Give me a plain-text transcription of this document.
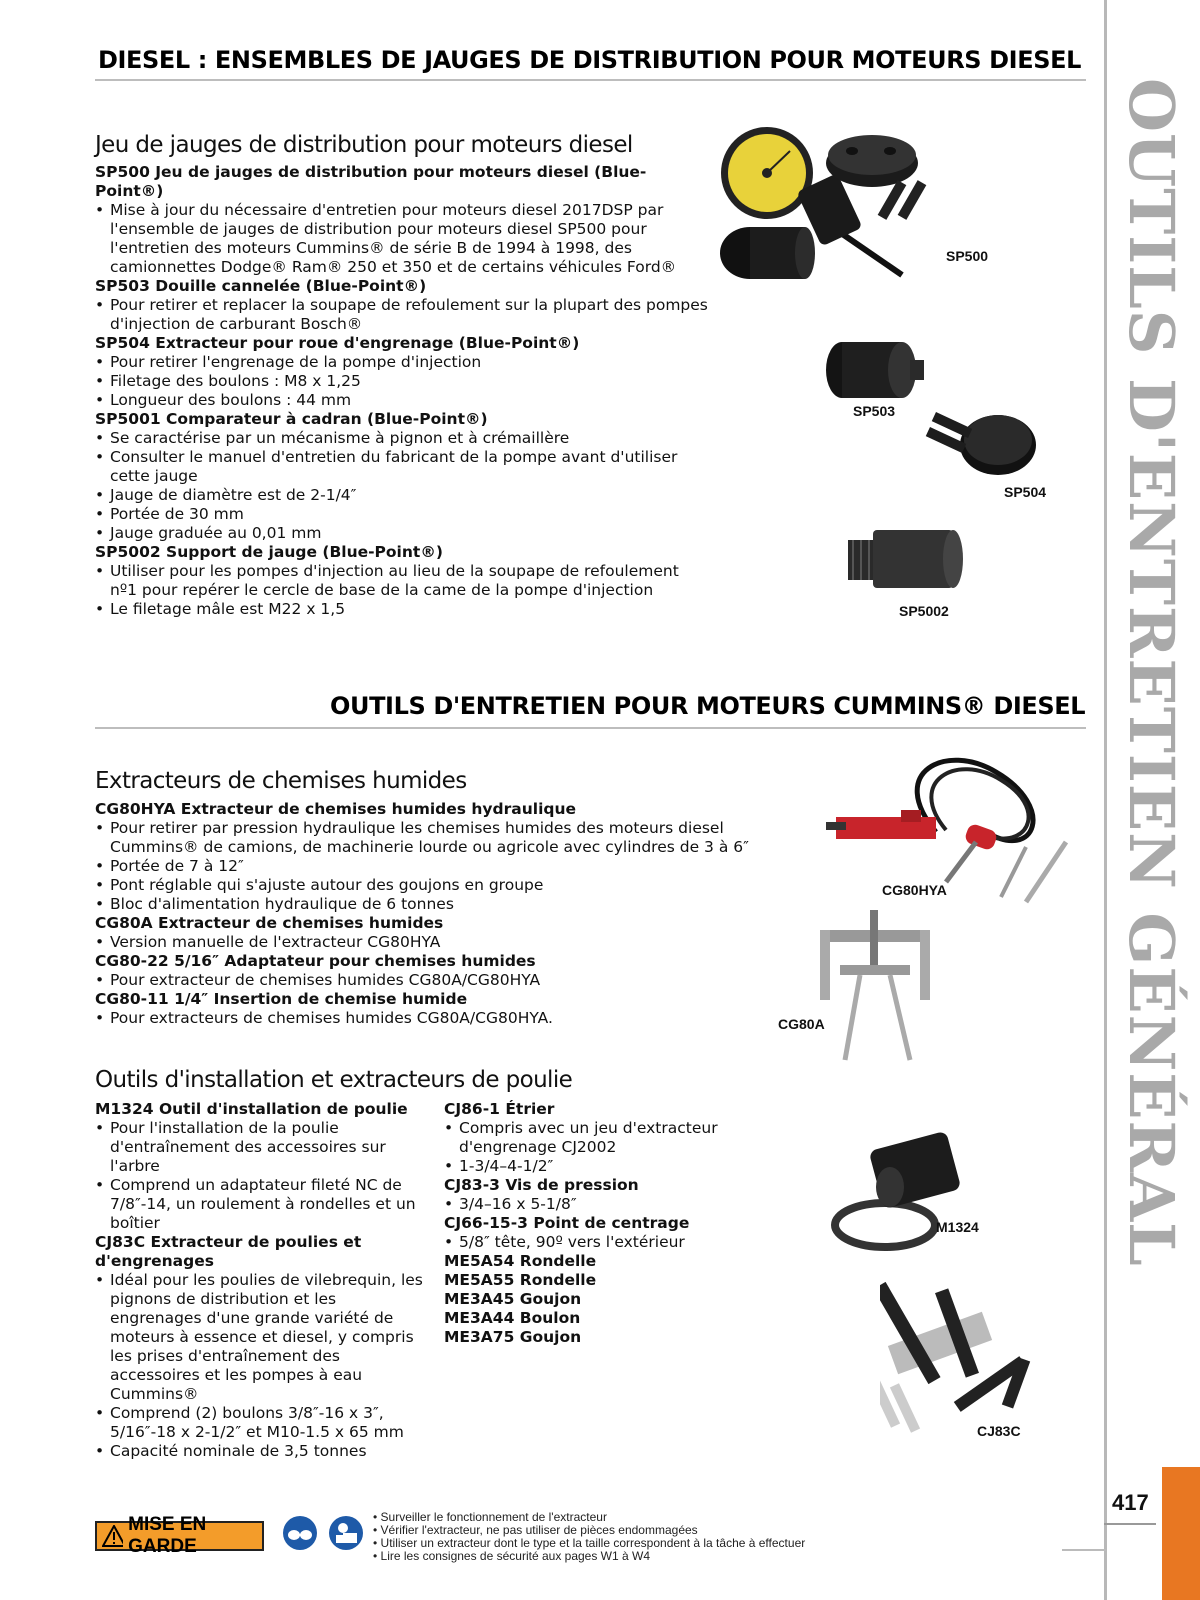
OUTILS D'ENTRETIEN GÉNÉRAL
417
DIESEL : ENSEMBLES DE JAUGES DE DISTRIBUTION POUR MOTEURS DIESEL
Jeu de jauges de distribution pour moteurs diesel
SP500 Jeu de jauges de distribution pour moteurs diesel (Blue-Point®)
• Mise à jour du nécessaire d'entretien pour moteurs diesel 2017DSP par l'ensemble de jauges de distribution pour moteurs diesel SP500 pour l'entretien des moteurs Cummins® de série B de 1994 à 1998, des camionnettes Dodge® Ram® 250 et 350 et de certains véhicules Ford®
SP503 Douille cannelée (Blue-Point®)
• Pour retirer et replacer la soupape de refoulement sur la plupart des pompes d'injection de carburant Bosch®
SP504 Extracteur pour roue d'engrenage (Blue-Point®)
• Pour retirer l'engrenage de la pompe d'injection
• Filetage des boulons : M8 x 1,25
• Longueur des boulons : 44 mm
SP5001 Comparateur à cadran (Blue-Point®)
• Se caractérise par un mécanisme à pignon et à crémaillère
• Consulter le manuel d'entretien du fabricant de la pompe avant d'utiliser cette jauge
• Jauge de diamètre est de 2-1/4″
• Portée de 30 mm
• Jauge graduée au 0,01 mm
SP5002 Support de jauge (Blue-Point®)
• Utiliser pour les pompes d'injection au lieu de la soupape de refoulement nº1 pour repérer le cercle de base de la came de la pompe d'injection
• Le filetage mâle est M22 x 1,5
OUTILS D'ENTRETIEN POUR MOTEURS CUMMINS® DIESEL
Extracteurs de chemises humides
CG80HYA Extracteur de chemises humides hydraulique
• Pour retirer par pression hydraulique les chemises humides des moteurs diesel Cummins® de camions, de machinerie lourde ou agricole avec cylindres de 3 à 6″
• Portée de 7 à 12″
• Pont réglable qui s'ajuste autour des goujons en groupe
• Bloc d'alimentation hydraulique de 6 tonnes
CG80A Extracteur de chemises humides
• Version manuelle de l'extracteur CG80HYA
CG80-22 5/16″ Adaptateur pour chemises humides
• Pour extracteur de chemises humides CG80A/CG80HYA
CG80-11 1/4″ Insertion de chemise humide
• Pour extracteurs de chemises humides CG80A/CG80HYA.
Outils d'installation et extracteurs de poulie
M1324 Outil d'installation de poulie
• Pour l'installation de la poulie d'entraînement des accessoires sur l'arbre
• Comprend un adaptateur fileté NC de 7/8″-14, un roulement à rondelles et un boîtier
CJ83C Extracteur de poulies et d'engrenages
• Idéal pour les poulies de vilebrequin, les pignons de distribution et les engrenages d'une grande variété de moteurs à essence et diesel, y compris les prises d'entraînement des accessoires et les pompes à eau Cummins®
• Comprend (2) boulons 3/8″-16 x 3″, 5/16″-18 x 2-1/2″ et M10-1.5 x 65 mm
• Capacité nominale de 3,5 tonnes
CJ86-1 Étrier
• Compris avec un jeu d'extracteur d'engrenage CJ2002
• 1-3/4–4-1/2″
CJ83-3 Vis de pression
• 3/4–16 x 5-1/8″
CJ66-15-3 Point de centrage
• 5/8″ tête, 90º vers l'extérieur
ME5A54 Rondelle
ME5A55 Rondelle
ME3A45 Goujon
ME3A44 Boulon
ME3A75 Goujon
SP500
SP503
SP504
SP5002
CG80HYA
CG80A
M1324
CJ83C
MISE EN GARDE
• Surveiller le fonctionnement de l'extracteur
• Vérifier l'extracteur, ne pas utiliser de pièces endommagées
• Utiliser un extracteur dont le type et la taille correspondent à la tâche à effectuer
• Lire les consignes de sécurité aux pages W1 à W4
